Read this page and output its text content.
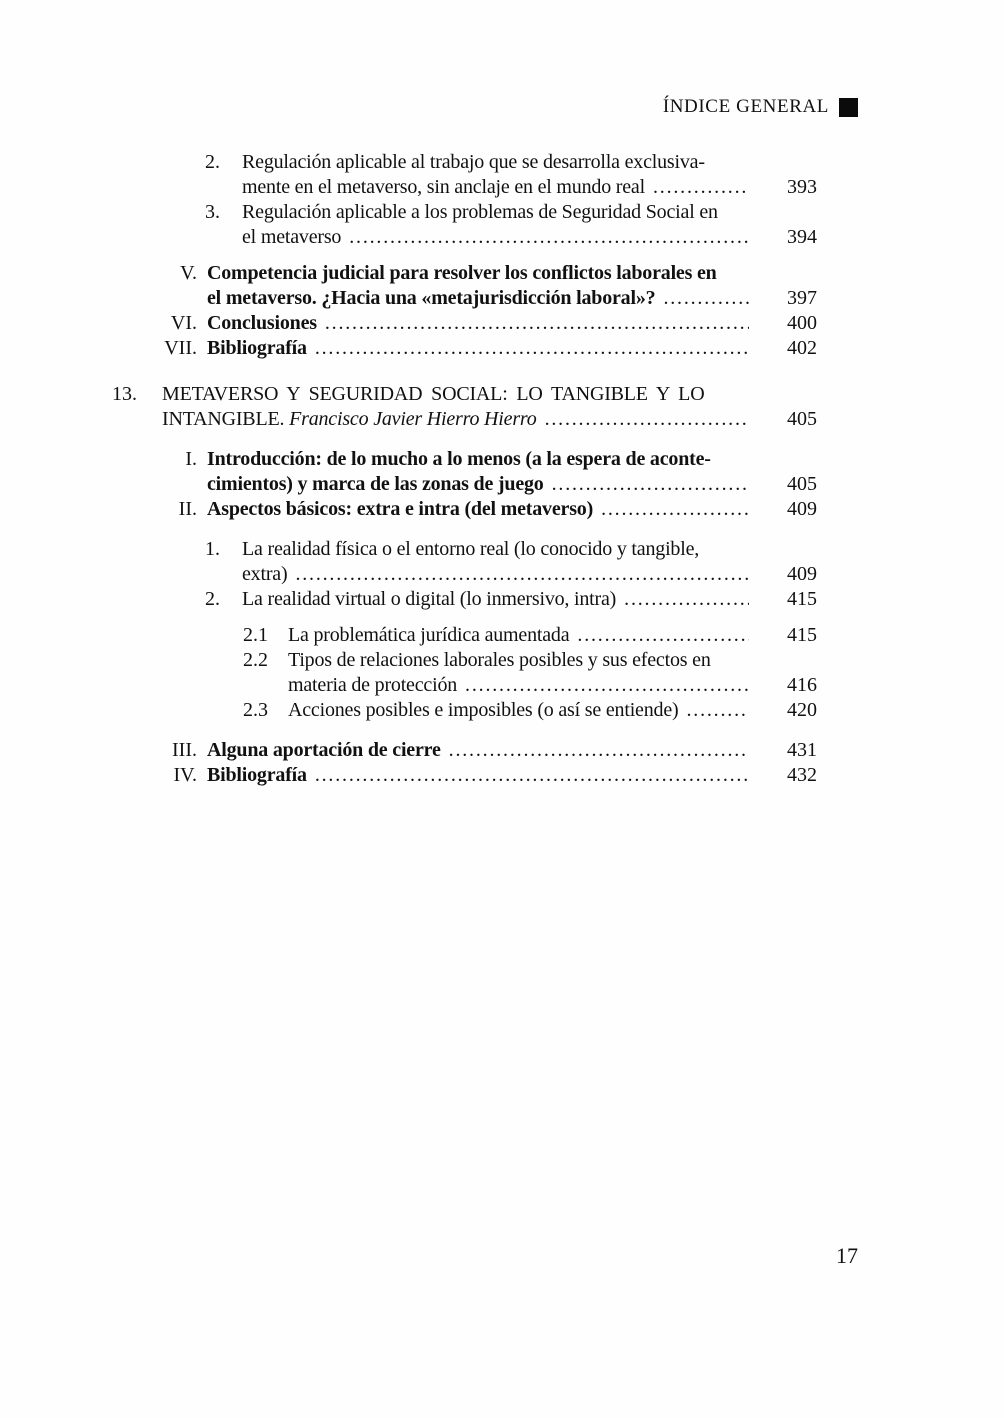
ÍNDICE GENERAL
2.	Regulación aplicable al trabajo que se desarrolla exclusiva-
mente en el metaverso, sin anclaje en el mundo real .....	393
3.	Regulación aplicable a los problemas de Seguridad Social en
el metaverso .....	394
V. Competencia judicial para resolver los conflictos laborales en
el metaverso. ¿Hacia una «metajurisdicción laboral»? .....	397
VI. Conclusiones .....	400
VII. Bibliografía .....	402
13.	METAVERSO Y SEGURIDAD SOCIAL: LO TANGIBLE Y LO
INTANGIBLE. Francisco Javier Hierro Hierro .....	405
I. Introducción: de lo mucho a lo menos (a la espera de aconte-
cimientos) y marca de las zonas de juego .....	405
II. Aspectos básicos: extra e intra (del metaverso) .....	409
1.	La realidad física o el entorno real (lo conocido y tangible,
extra) .....	409
2.	La realidad virtual o digital (lo inmersivo, intra) .....	415
2.1	La problemática jurídica aumentada .....	415
2.2	Tipos de relaciones laborales posibles y sus efectos en
materia de protección .....	416
2.3	Acciones posibles e imposibles (o así se entiende) .....	420
III. Alguna aportación de cierre .....	431
IV. Bibliografía .....	432
17
